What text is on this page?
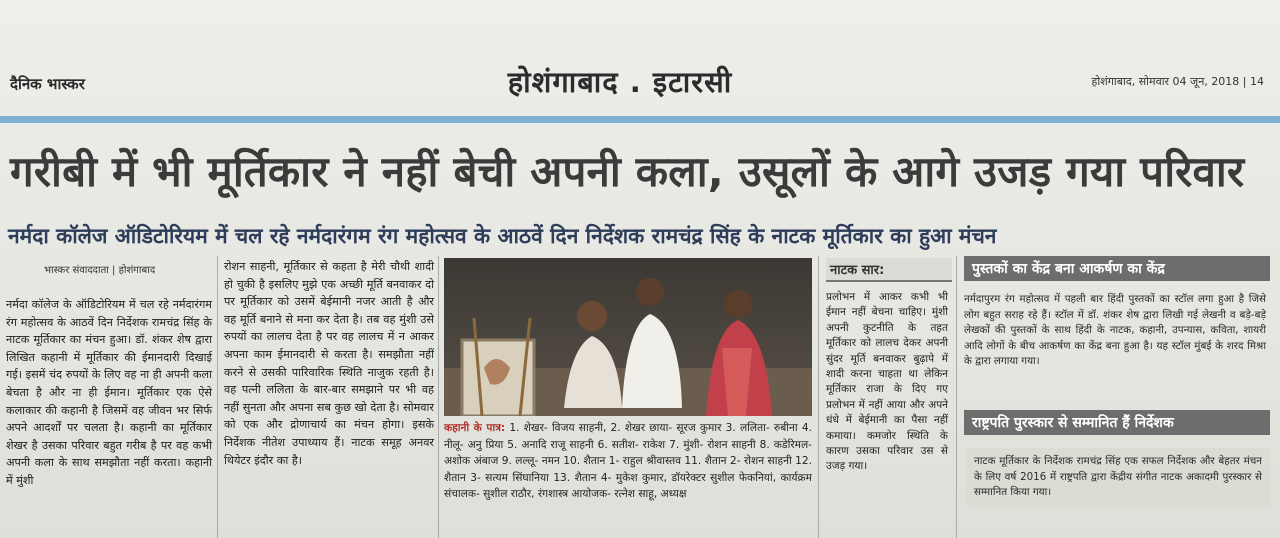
दैनिक भास्कर	होशंगाबाद . इटारसी	होशंगाबाद, सोमवार 04 जून, 2018 | 14
गरीबी में भी मूर्तिकार ने नहीं बेची अपनी कला, उसूलों के आगे उजड़ गया परिवार
नर्मदा कॉलेज ऑडिटोरियम में चल रहे नर्मदारंगम रंग महोत्सव के आठवें दिन निर्देशक रामचंद्र सिंह के नाटक मूर्तिकार का हुआ मंचन
भास्कर संवाददाता | होशंगाबाद
नर्मदा कॉलेज के ऑडिटोरियम में चल रहे नर्मदारंगम रंग महोत्सव के आठवें दिन निर्देशक रामचंद्र सिंह के नाटक मूर्तिकार का मंचन हुआ। डॉ. शंकर शेष द्वारा लिखित कहानी में मूर्तिकार की ईमानदारी दिखाई गई। इसमें चंद रुपयों के लिए वह ना ही अपनी कला बेचता है और ना ही ईमान। मूर्तिकार एक ऐसे कलाकार की कहानी है जिसमें वह जीवन भर सिर्फ अपने आदर्शों पर चलता है। कहानी का मूर्तिकार शेखर है उसका परिवार बहुत गरीब है पर वह कभी अपनी कला के साथ समझौता नहीं करता। कहानी में मुंशी
रोशन साहनी, मूर्तिकार से कहता है मेरी चौथी शादी हो चुकी है इसलिए मुझे एक अच्छी मूर्ति बनवाकर दो पर मूर्तिकार को उसमें बेईमानी नजर आती है और वह मूर्ति बनाने से मना कर देता है। तब वह मुंशी उसे रुपयों का लालच देता है पर वह लालच में न आकर अपना काम ईमानदारी से करता है। समझौता नहीं करने से उसकी पारिवारिक स्थिति नाजुक रहती है। वह पत्नी ललिता के बार-बार समझाने पर भी वह नहीं सुनता और अपना सब कुछ खो देता है। सोमवार को एक और द्रोणाचार्य का मंचन होगा। इसके निर्देशक नीतेश उपाध्याय हैं। नाटक समूह अनवर थियेटर इंदौर का है।
कहानी के पात्र: 1. शेखर- विजय साहनी, 2. शेखर छाया- सूरज कुमार 3. ललिता- रुबीना 4. नीलू- अनु प्रिया 5. अनादि राजू साहनी 6. सतीश- राकेश 7. मुंशी- रोशन साहनी 8. कडेरिमल- अशोक अंबाज 9. लल्लू- नमन 10. शैतान 1- राहुल श्रीवास्तव 11. शैतान 2- रोशन साहनी 12. शैतान 3- सत्यम सिंघानिया 13. शैतान 4- मुकेश कुमार, डॉयरेक्टर सुशील फेकनियां, कार्यक्रम संचालक- सुशील राठौर, रंगशास्त्र आयोजक- रत्नेश साहू, अध्यक्ष
नाटक सार:
प्रलोभन में आकर कभी भी ईमान नहीं बेचना चाहिए। मुंशी अपनी कुटनीति के तहत मूर्तिकार को लालच देकर अपनी सुंदर मूर्ति बनवाकर बुढ़ापे में शादी करना चाहता था लेकिन मूर्तिकार राजा के दिए गए प्रलोभन में नहीं आया और अपने धंधे में बेईमानी का पैसा नहीं कमाया। कमजोर स्थिति के कारण उसका परिवार उस से उजड़ गया।
पुस्तकों का केंद्र बना आकर्षण का केंद्र
नर्मदापुरम रंग महोत्सव में पहली बार हिंदी पुस्तकों का स्टॉल लगा हुआ है जिसे लोग बहुत सराह रहे हैं। स्टॉल में डॉ. शंकर शेष द्वारा लिखी गई लेखनी व बड़े-बड़े लेखकों की पुस्तकों के साथ हिंदी के नाटक, कहानी, उपन्यास, कविता, शायरी आदि लोगों के बीच आकर्षण का केंद्र बना हुआ है। यह स्टॉल मुंबई के शरद मिश्रा के द्वारा लगाया गया।
राष्ट्रपति पुरस्कार से सम्मानित हैं निर्देशक
नाटक मूर्तिकार के निर्देशक रामचंद्र सिंह एक सफल निर्देशक और बेहतर मंचन के लिए वर्ष 2016 में राष्ट्रपति द्वारा केंद्रीय संगीत नाटक अकादमी पुरस्कार से सम्मानित किया गया।
